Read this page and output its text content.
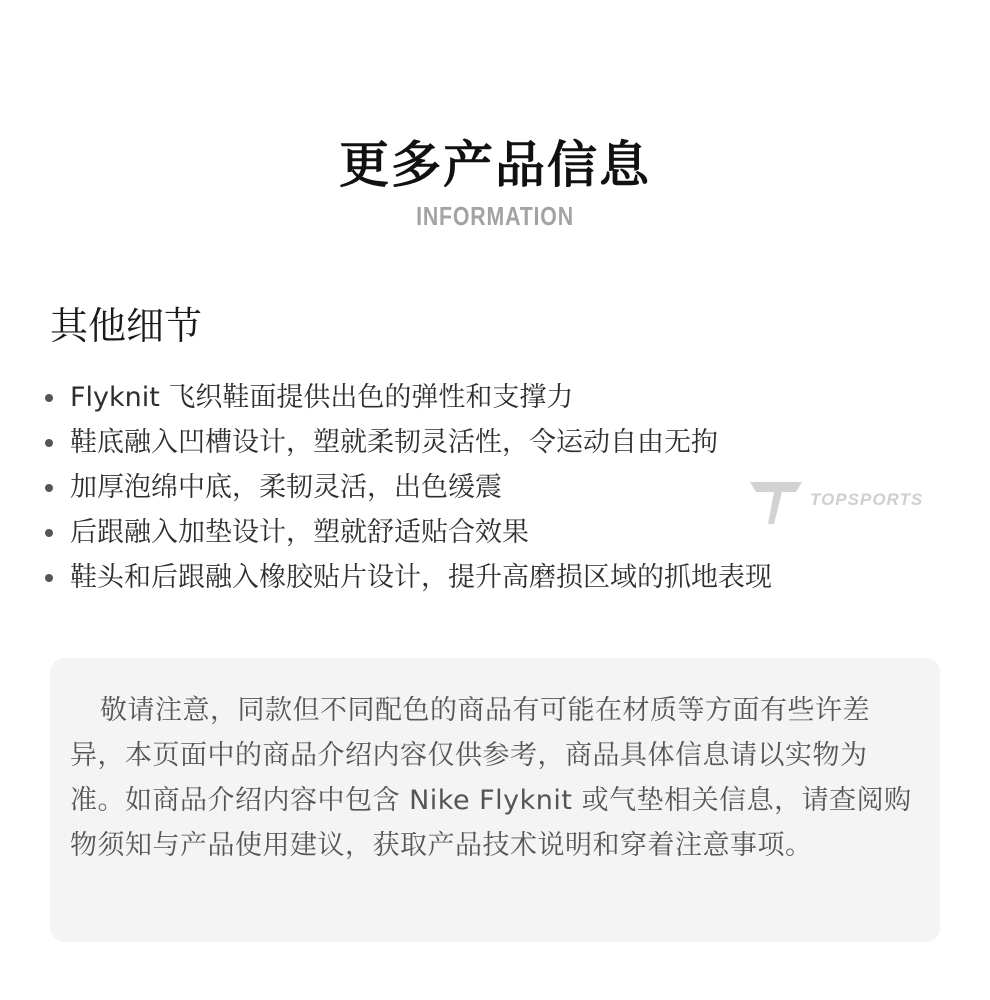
更多产品信息
INFORMATION
其他细节
Flyknit 飞织鞋面提供出色的弹性和支撑力
鞋底融入凹槽设计，塑就柔韧灵活性，令运动自由无拘
加厚泡绵中底，柔韧灵活，出色缓震
后跟融入加垫设计，塑就舒适贴合效果
鞋头和后跟融入橡胶贴片设计，提升高磨损区域的抓地表现
TOPSPORTS

敬请注意，同款但不同配色的商品有可能在材质等方面有些许差异，本页面中的商品介绍内容仅供参考，商品具体信息请以实物为准。如商品介绍内容中包含 Nike Flyknit 或气垫相关信息，请查阅购物须知与产品使用建议，获取产品技术说明和穿着注意事项。
